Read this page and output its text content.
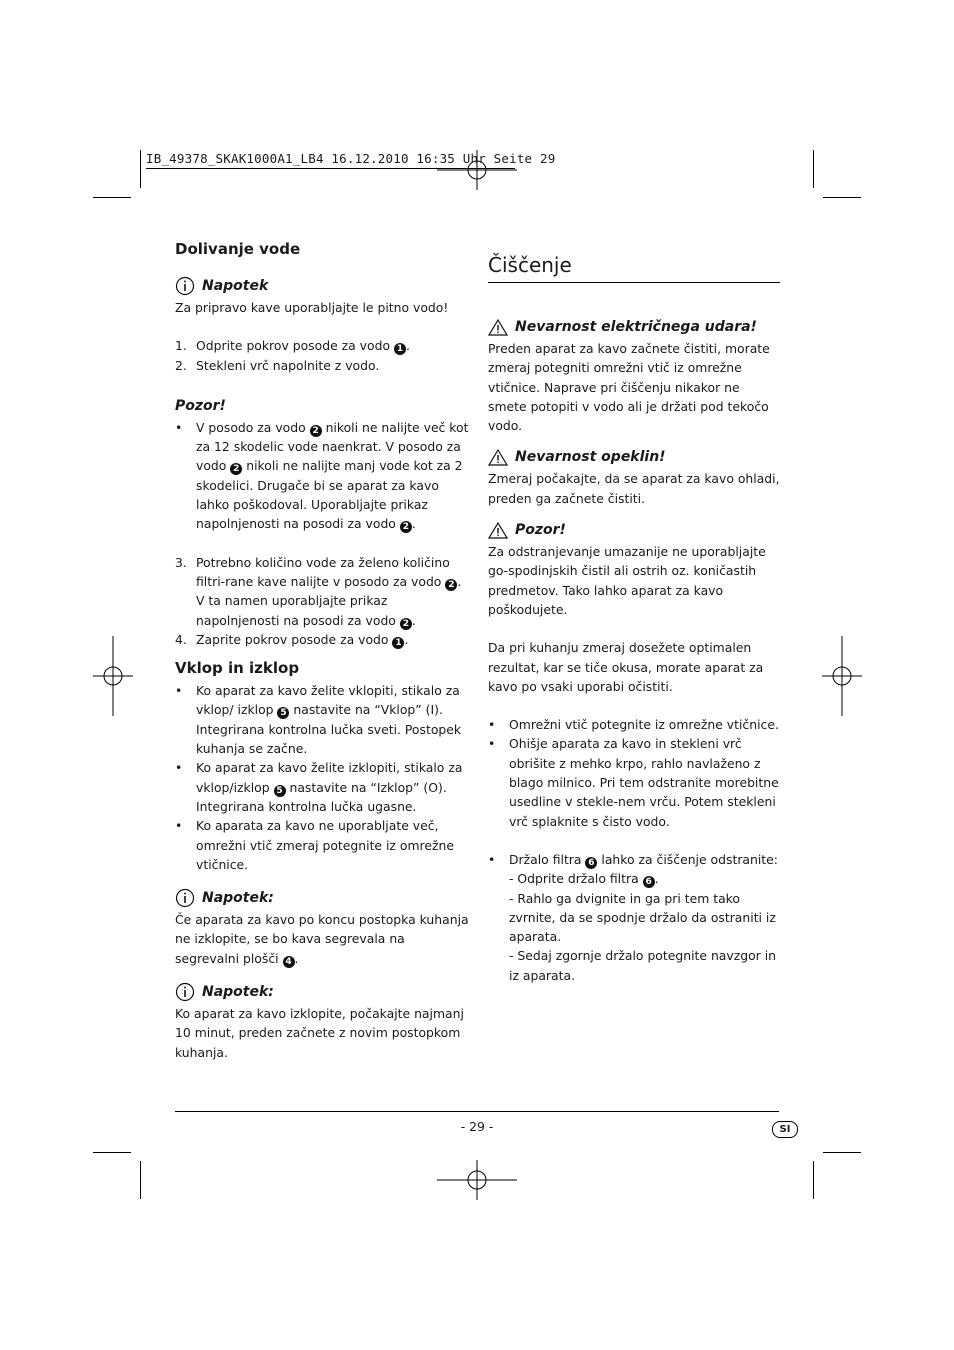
IB_49378_SKAK1000A1_LB4 16.12.2010 16:35 Uhr Seite 29
Dolivanje vode
Napotek

Za pripravo kave uporabljajte le pitno vodo!

1. Odprite pokrov posode za vodo 1 .
2. Stekleni vrč napolnite z vodo.
Pozor!
• V posodo za vodo 2 nikoli ne nalijte več kot za 12 skodelic vode naenkrat. V posodo za vodo 2 nikoli ne nalijte manj vode kot za 2 skodelici. Drugače bi se aparat za kavo lahko poškodoval. Uporabljajte prikaz napolnjenosti na posodi za vodo 2 .
3. Potrebno količino vode za želeno količino filtri-rane kave nalijte v posodo za vodo 2 . V ta namen uporabljajte prikaz napolnjenosti na posodi za vodo 2 .
4. Zaprite pokrov posode za vodo 1 .
Vklop in izklop
• Ko aparat za kavo želite vklopiti, stikalo za vklop/ izklop 5 nastavite na “Vklop” (I). Integrirana kontrolna lučka sveti. Postopek kuhanja se začne.
• Ko aparat za kavo želite izklopiti, stikalo za vklop/izklop 5 nastavite na “Izklop” (O). Integrirana kontrolna lučka ugasne.
• Ko aparata za kavo ne uporabljate več, omrežni vtič zmeraj potegnite iz omrežne vtičnice.
Napotek:

Če aparata za kavo po koncu postopka kuhanja ne izklopite, se bo kava segrevala na segrevalni plošči 4 .

Napotek:

Ko aparat za kavo izklopite, počakajte najmanj 10 minut, preden začnete z novim postopkom kuhanja.

Čiščenje
Nevarnost električnega udara!

Preden aparat za kavo začnete čistiti, morate zmeraj potegniti omrežni vtič iz omrežne vtičnice. Naprave pri čiščenju nikakor ne smete potopiti v vodo ali je držati pod tekočo vodo.

Nevarnost opeklin!

Zmeraj počakajte, da se aparat za kavo ohladi, preden ga začnete čistiti.

Pozor!

Za odstranjevanje umazanije ne uporabljajte go-spodinjskih čistil ali ostrih oz. koničastih predmetov. Tako lahko aparat za kavo poškodujete.

Da pri kuhanju zmeraj dosežete optimalen rezultat, kar se tiče okusa, morate aparat za kavo po vsaki uporabi očistiti.

• Omrežni vtič potegnite iz omrežne vtičnice.
• Ohišje aparata za kavo in stekleni vrč obrišite z mehko krpo, rahlo navlaženo z blago milnico. Pri tem odstranite morebitne usedline v stekle-nem vrču. Potem stekleni vrč splaknite s čisto vodo.
• Držalo filtra 6 lahko za čiščenje odstranite:
- Odprite držalo filtra 6 .
- Rahlo ga dvignite in ga pri tem tako zvrnite, da se spodnje držalo da ostraniti iz aparata.
- Sedaj zgornje držalo potegnite navzgor in iz aparata.
- 29 -	SI
